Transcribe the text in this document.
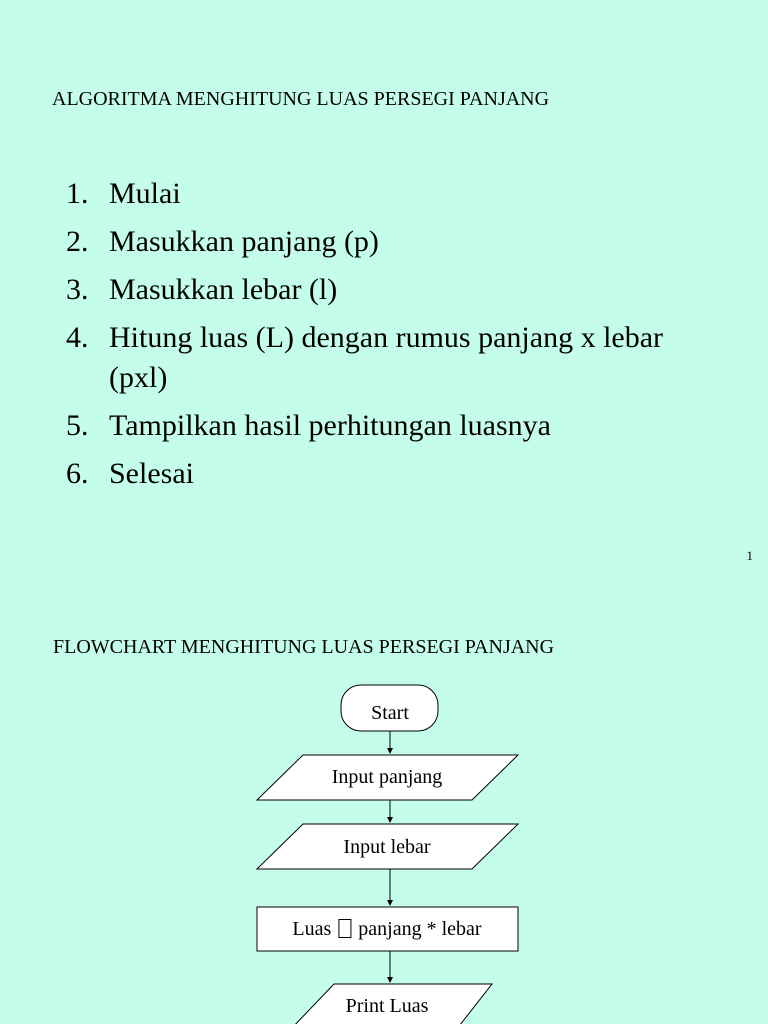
ALGORITMA MENGHITUNG LUAS PERSEGI PANJANG
1. Mulai
2. Masukkan panjang (p)
3. Masukkan lebar (l)
4. Hitung luas (L) dengan rumus panjang x lebar (pxl)
5. Tampilkan hasil perhitungan luasnya
6. Selesai
1
FLOWCHART MENGHITUNG LUAS PERSEGI PANJANG
Start
Input panjang
Input lebar
Luas panjang * lebar
Print Luas
